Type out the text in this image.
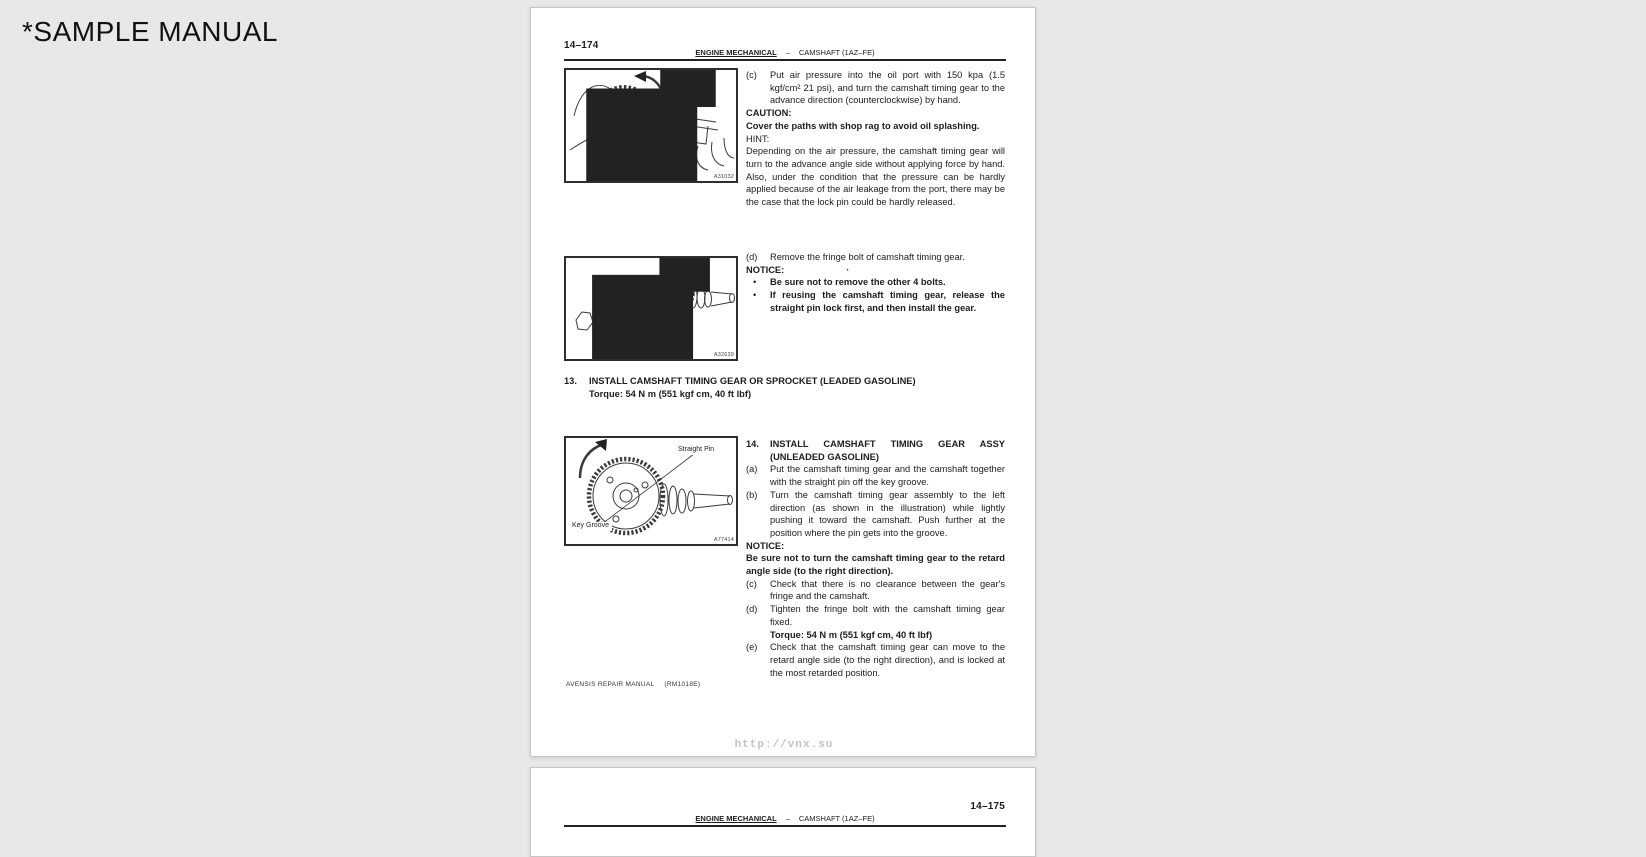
*SAMPLE MANUAL	14–174
ENGINE MECHANICAL – CAMSHAFT (1AZ–FE)
A31032
(c)	Put air pressure into the oil port with 150 kpa (1.5 kgf/cm² 21 psi), and turn the camshaft timing gear to the advance direction (counterclockwise) by hand.
CAUTION:
Cover the paths with shop rag to avoid oil splashing.
HINT:
Depending on the air pressure, the camshaft timing gear will turn to the advance angle side without applying force by hand. Also, under the condition that the pressure can be hardly applied because of the air leakage from the port, there may be the case that the lock pin could be hardly released.
A32639
(d)	Remove the fringe bolt of camshaft timing gear.
NOTICE:	·
•	Be sure not to remove the other 4 bolts.
•	If reusing the camshaft timing gear, release the straight pin lock first, and then install the gear.
13.	INSTALL CAMSHAFT TIMING GEAR OR SPROCKET (LEADED GASOLINE)
Torque: 54 N m (551 kgf cm, 40 ft lbf)
Straight Pin
Key Groove
A77414
14.	INSTALL CAMSHAFT TIMING GEAR ASSY (UNLEADED GASOLINE)
(a)	Put the camshaft timing gear and the camshaft together with the straight pin off the key groove.
(b)	Turn the camshaft timing gear assembly to the left direction (as shown in the illustration) while lightly pushing it toward the camshaft. Push further at the position where the pin gets into the groove.
NOTICE:
Be sure not to turn the camshaft timing gear to the retard angle side (to the right direction).
(c)	Check that there is no clearance between the gear's fringe and the camshaft.
(d)	Tighten the fringe bolt with the camshaft timing gear fixed.
Torque: 54 N m (551 kgf cm, 40 ft lbf)
(e)	Check that the camshaft timing gear can move to the retard angle side (to the right direction), and is locked at the most retarded position.
AVENSIS REPAIR MANUAL (RM1018E)
http://vnx.su
14–175
ENGINE MECHANICAL – CAMSHAFT (1AZ–FE)
